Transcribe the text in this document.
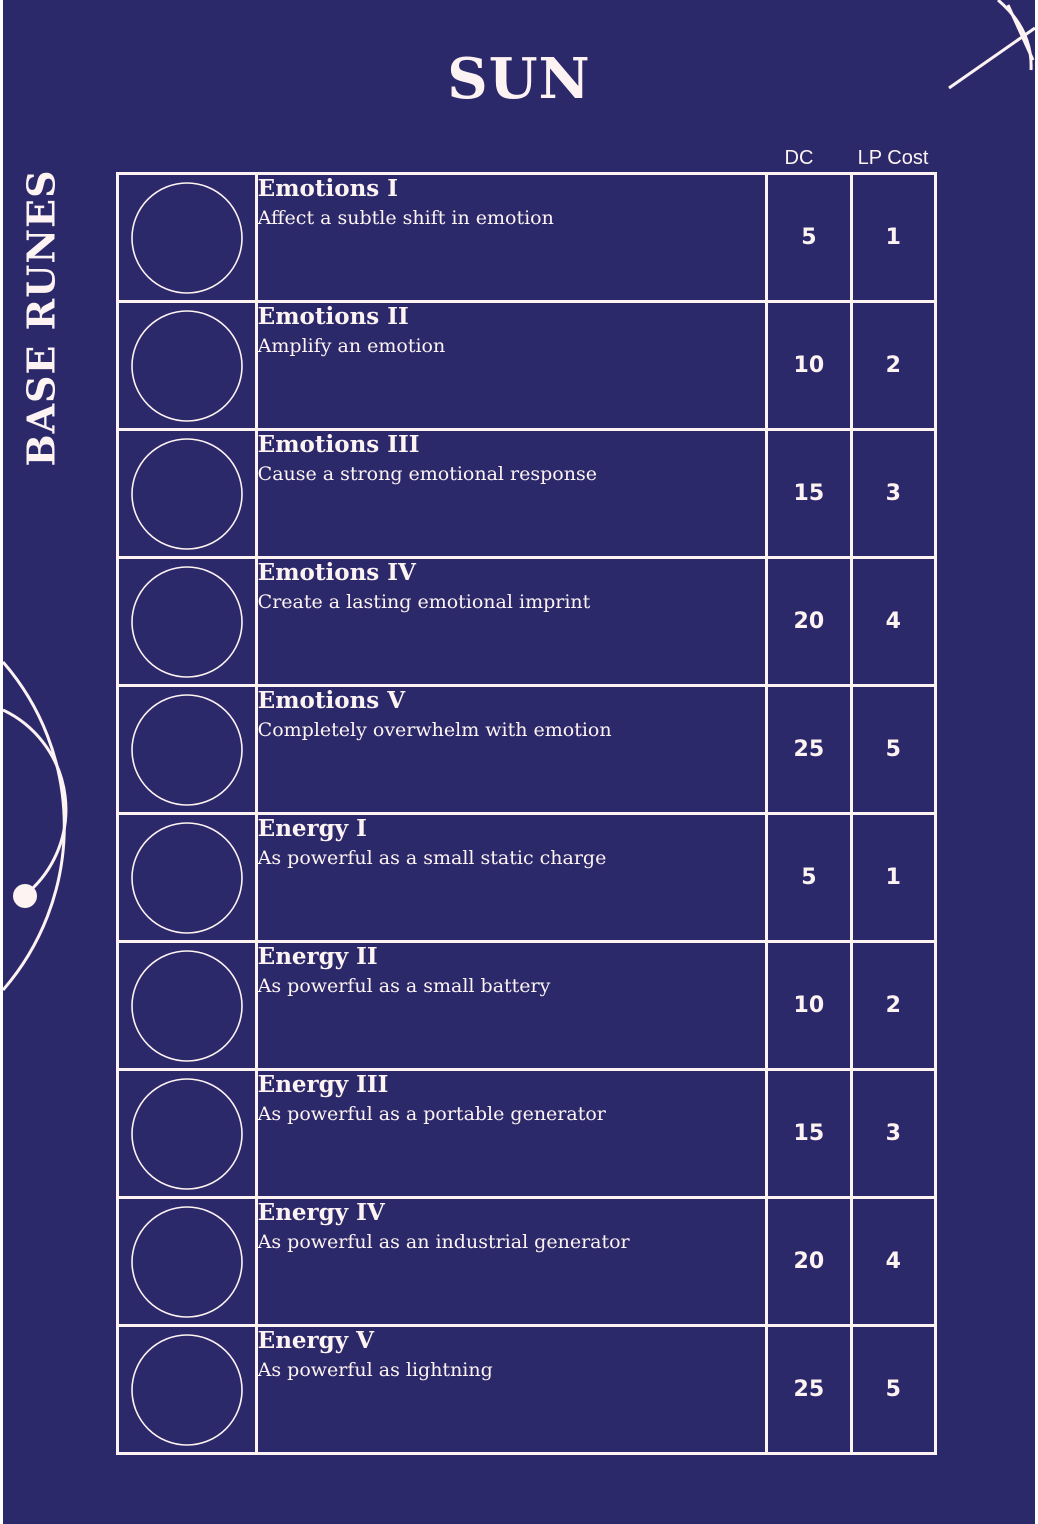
SUN
BASE RUNES
DC	LP Cost

Emotions I
Affect a subtle shift in emotion	5	1

Emotions II
Amplify an emotion	10	2

Emotions III
Cause a strong emotional response	15	3

Emotions IV
Create a lasting emotional imprint	20	4

Emotions V
Completely overwhelm with emotion	25	5

Energy I
As powerful as a small static charge	5	1

Energy II
As powerful as a small battery	10	2

Energy III
As powerful as a portable generator	15	3

Energy IV
As powerful as an industrial generator	20	4

Energy V
As powerful as lightning	25	5
